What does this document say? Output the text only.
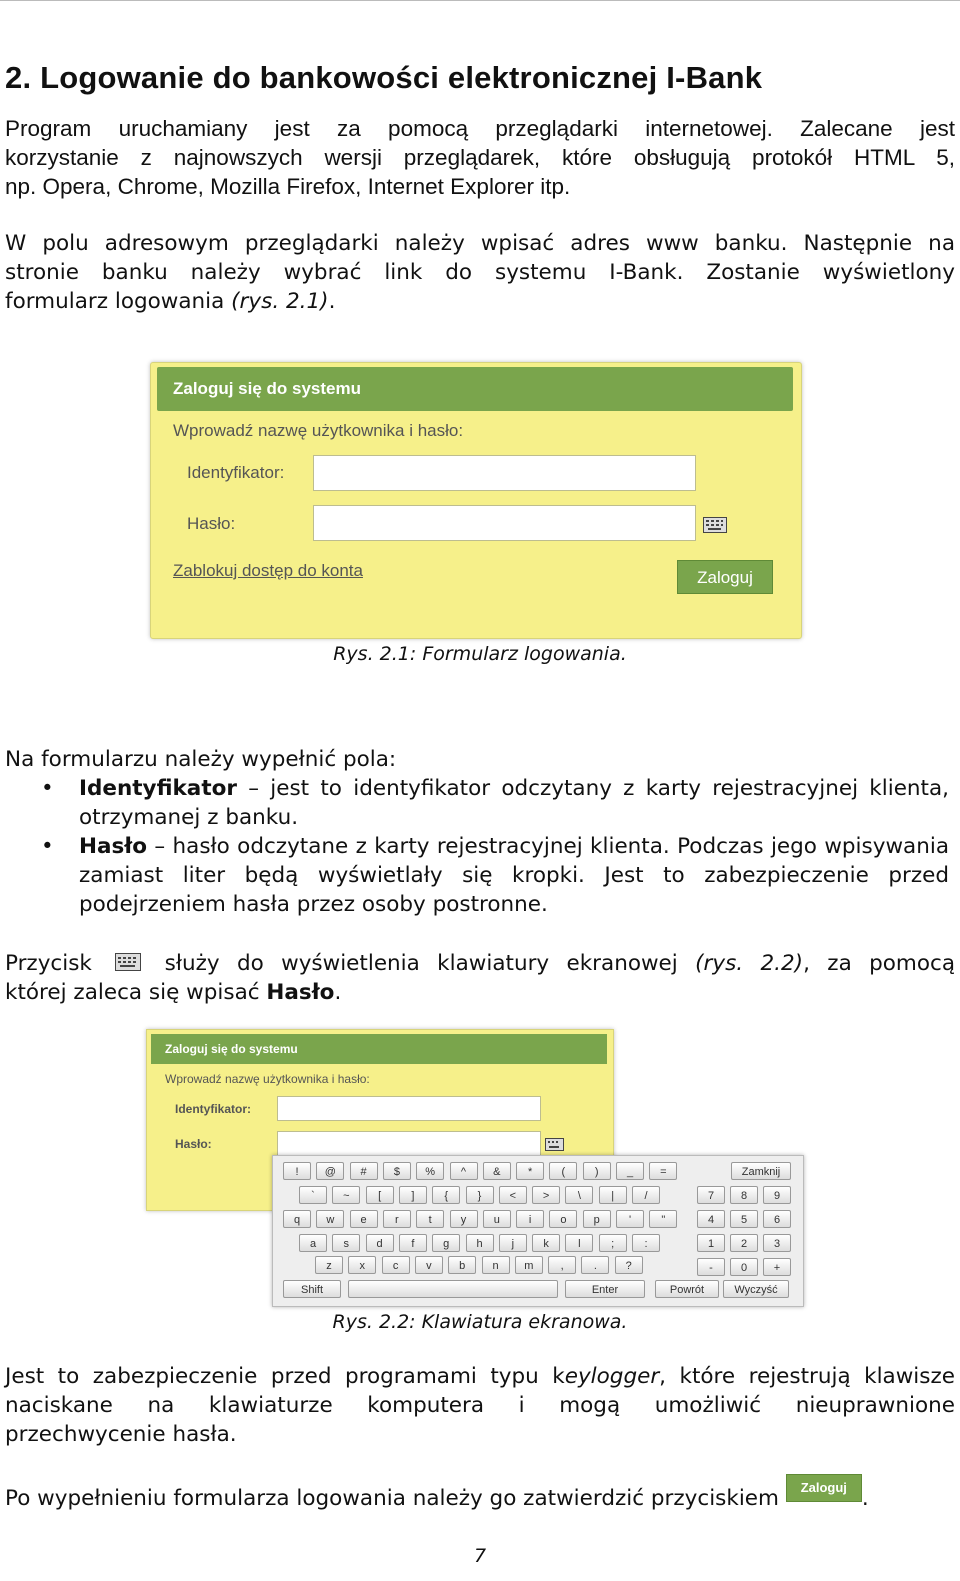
2. Logowanie do bankowości elektronicznej I-Bank
Program uruchamiany jest za pomocą przeglądarki internetowej. Zalecane jest
korzystanie z najnowszych wersji przeglądarek, które obsługują protokół HTML 5,
np. Opera, Chrome, Mozilla Firefox, Internet Explorer itp.
W polu adresowym przeglądarki należy wpisać adres www banku. Następnie na
stronie banku należy wybrać link do systemu I-Bank. Zostanie wyświetlony
formularz logowania (rys. 2.1).
Zaloguj się do systemu
Wprowadź nazwę użytkownika i hasło:
Identyfikator:
Hasło:
Zablokuj dostęp do konta	Zaloguj
Rys. 2.1: Formularz logowania.
Na formularzu należy wypełnić pola:
• Identyfikator – jest to identyfikator odczytany z karty rejestracyjnej klienta, otrzymanej z banku.
• Hasło – hasło odczytane z karty rejestracyjnej klienta. Podczas jego wpisywania zamiast liter będą wyświetlały się kropki. Jest to zabezpieczenie przed podejrzeniem hasła przez osoby postronne.
Przycisk	służy do wyświetlenia klawiatury ekranowej (rys. 2.2), za pomocą
której zaleca się wpisać Hasło.
Zaloguj się do systemu
Wprowadź nazwę użytkownika i hasło:
Identyfikator:
Hasło:
Zamknij
Shift	Enter	Powrót	Wyczyść
!	@	#	$	%	^	&	*	(	)	_	=
`	~	[	]	{	}	<	>	\	|	/
q	w	e	r	t	y	u	i	o	p	'	"
a	s	d	f	g	h	j	k	l	;	:
z	x	c	v	b	n	m	,	.	?
7	8	9
4	5	6
1	2	3
-	0	+
Rys. 2.2: Klawiatura ekranowa.
Jest to zabezpieczenie przed programami typu keylogger, które rejestrują klawisze
naciskane na klawiaturze komputera i mogą umożliwić nieuprawnione
przechwycenie hasła.
Po wypełnieniu formularza logowania należy go zatwierdzić przyciskiem Zaloguj .
7
